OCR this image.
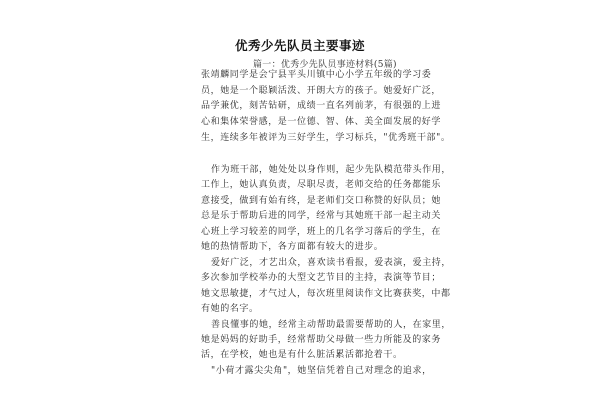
优秀少先队员主要事迹
篇一：优秀少先队员事迹材料(5篇)
张靖麟同学是会宁县平头川镇中心小学五年级的学习委
员，她是一个聪颖活泼、开朗大方的孩子。她爱好广泛，
品学兼优，刻苦钻研，成绩一直名列前茅，有很强的上进
心和集体荣誉感，是一位德、智、体、美全面发展的好学
生，连续多年被评为三好学生，学习标兵，"优秀班干部"。
作为班干部，她处处以身作则，起少先队模范带头作用，
工作上，她认真负责，尽职尽责，老师交给的任务都能乐
意接受，做到有始有终，是老师们交口称赞的好队员；她
总是乐于帮助后进的同学，经常与其她班干部一起主动关
心班上学习较差的同学，班上的几名学习落后的学生，在
她的热情帮助下，各方面都有较大的进步。
爱好广泛，才艺出众，喜欢读书看报，爱表演，爱主持，
多次参加学校举办的大型文艺节目的主持，表演等节目；
她文思敏捷，才气过人，每次班里阅读作文比赛获奖，中都
有她的名字。
善良懂事的她，经常主动帮助最需要帮助的人，在家里，
她是妈妈的好助手，经常帮助父母做一些力所能及的家务
活，在学校，她也是有什么脏活累活都抢着干。
"小荷才露尖尖角"，她坚信凭着自己对理念的追求，
